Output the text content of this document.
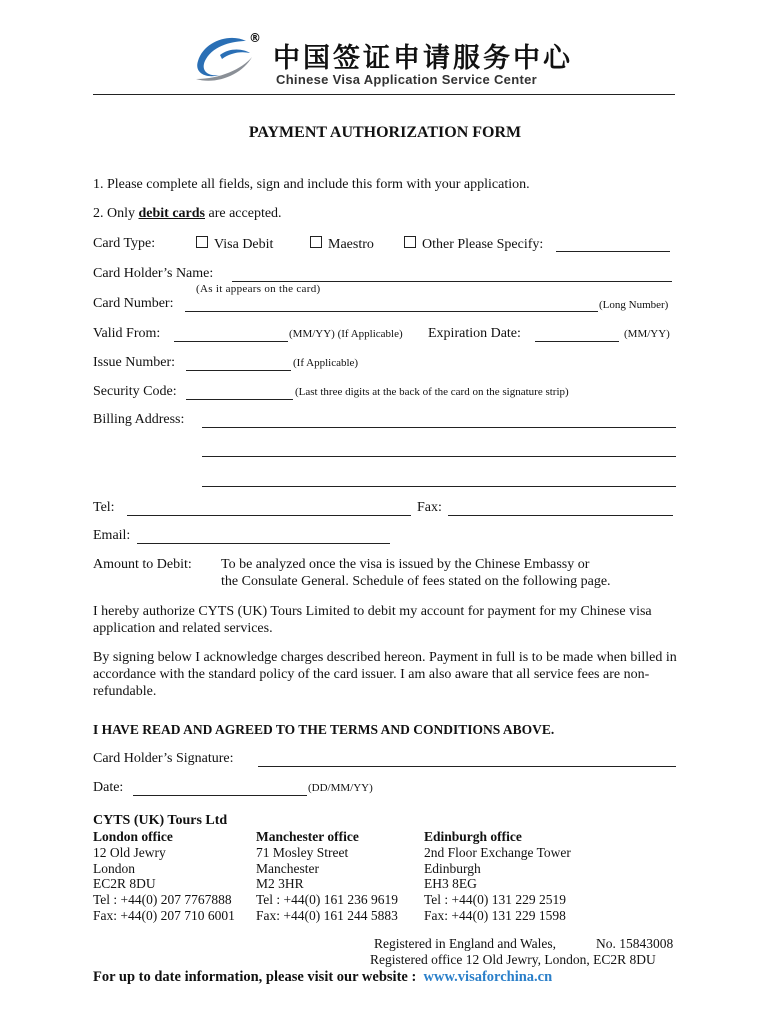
®
中国签证申请服务中心
Chinese Visa Application Service Center
PAYMENT AUTHORIZATION FORM
1. Please complete all fields, sign and include this form with your application.
2. Only debit cards are accepted.
Card Type:	Visa Debit	Maestro	Other Please Specify:
Card Holder’s Name:
(As it appears on the card)
Card Number:	(Long Number)
Valid From:	(MM/YY) (If Applicable) Expiration Date:	(MM/YY)
Issue Number:	(If Applicable)
Security Code:	(Last three digits at the back of the card on the signature strip)
Billing Address:
Tel:	Fax:
Email:
Amount to Debit: To be analyzed once the visa is issued by the Chinese Embassy or
the Consulate General. Schedule of fees stated on the following page.
I hereby authorize CYTS (UK) Tours Limited to debit my account for payment for my Chinese visa application and related services.
By signing below I acknowledge charges described hereon. Payment in full is to be made when billed in accordance with the standard policy of the card issuer. I am also aware that all service fees are non-refundable.
I HAVE READ AND AGREED TO THE TERMS AND CONDITIONS ABOVE.
Card Holder’s Signature:
Date:	(DD/MM/YY)
CYTS (UK) Tours Ltd
London office
12 Old Jewry
London
EC2R 8DU
Tel : +44(0) 207 7767888
Fax: +44(0) 207 710 6001
Manchester office
71 Mosley Street
Manchester
M2 3HR
Tel : +44(0) 161 236 9619
Fax: +44(0) 161 244 5883
Edinburgh office
2nd Floor Exchange Tower
Edinburgh
EH3 8EG
Tel : +44(0) 131 229 2519
Fax: +44(0) 131 229 1598
Registered in England and Wales,	No. 15843008
Registered office 12 Old Jewry, London, EC2R 8DU
For up to date information, please visit our website : www.visaforchina.cn
